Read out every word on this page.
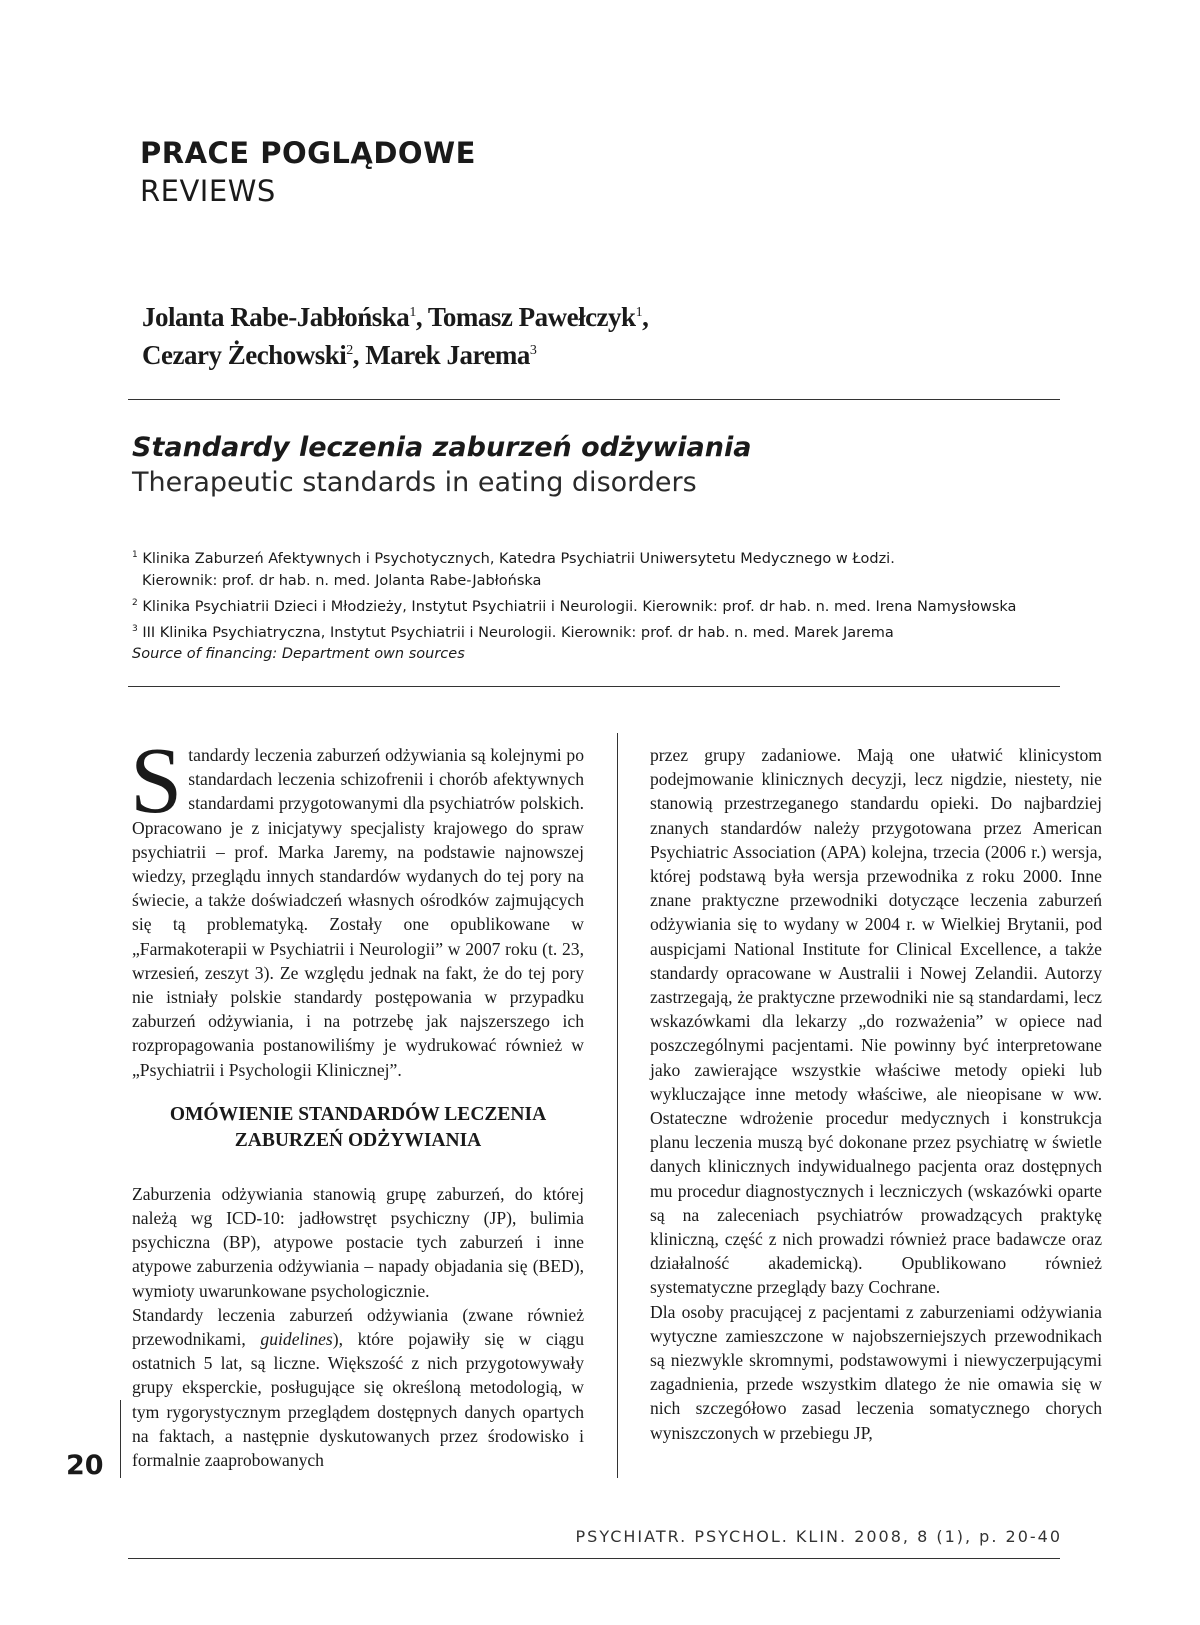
PRACE POGLĄDOWE
REVIEWS
Jolanta Rabe-Jabłońska$^1$, Tomasz Pawełczyk$^1$,
Cezary Żechowski$^2$, Marek Jarema$^3$
Standardy leczenia zaburzeń odżywiania
Therapeutic standards in eating disorders
$^1$ Klinika Zaburzeń Afektywnych i Psychotycznych, Katedra Psychiatrii Uniwersytetu Medycznego w Łodzi.
Kierownik: prof. dr hab. n. med. Jolanta Rabe-Jabłońska
$^2$ Klinika Psychiatrii Dzieci i Młodzieży, Instytut Psychiatrii i Neurologii. Kierownik: prof. dr hab. n. med. Irena Namysłowska
$^3$ III Klinika Psychiatryczna, Instytut Psychiatrii i Neurologii. Kierownik: prof. dr hab. n. med. Marek Jarema
Source of financing: Department own sources

Standardy leczenia zaburzeń odżywiania są kolejnymi po standardach leczenia schizofrenii i chorób afektywnych standardami przygotowanymi dla psychiatrów polskich. Opracowano je z inicjatywy specjalisty krajowego do spraw psychiatrii – prof. Marka Jaremy, na podstawie najnowszej wiedzy, przeglądu innych standardów wydanych do tej pory na świecie, a także doświadczeń własnych ośrodków zajmujących się tą problematyką. Zostały one opublikowane w „Farmakoterapii w Psychiatrii i Neurologii” w 2007 roku (t. 23, wrzesień, zeszyt 3). Ze względu jednak na fakt, że do tej pory nie istniały polskie standardy postępowania w przypadku zaburzeń odżywiania, i na potrzebę jak najszerszego ich rozpropagowania postanowiliśmy je wydrukować również w „Psychiatrii i Psychologii Klinicznej”.

OMÓWIENIE STANDARDÓW LECZENIA ZABURZEŃ ODŻYWIANIA

Zaburzenia odżywiania stanowią grupę zaburzeń, do której należą wg ICD-10: jadłowstręt psychiczny (JP), bulimia psychiczna (BP), atypowe postacie tych zaburzeń i inne atypowe zaburzenia odżywiania – napady objadania się (BED), wymioty uwarunkowane psychologicznie.

Standardy leczenia zaburzeń odżywiania (zwane również przewodnikami, guidelines), które pojawiły się w ciągu ostatnich 5 lat, są liczne. Większość z nich przygotowywały grupy eksperckie, posługujące się określoną metodologią, w tym rygorystycznym przeglądem dostępnych danych opartych na faktach, a następnie dyskutowanych przez środowisko i formalnie zaaprobowanych

przez grupy zadaniowe. Mają one ułatwić klinicystom podejmowanie klinicznych decyzji, lecz nigdzie, niestety, nie stanowią przestrzeganego standardu opieki. Do najbardziej znanych standardów należy przygotowana przez American Psychiatric Association (APA) kolejna, trzecia (2006 r.) wersja, której podstawą była wersja przewodnika z roku 2000. Inne znane praktyczne przewodniki dotyczące leczenia zaburzeń odżywiania się to wydany w 2004 r. w Wielkiej Brytanii, pod auspicjami National Institute for Clinical Excellence, a także standardy opracowane w Australii i Nowej Zelandii. Autorzy zastrzegają, że praktyczne przewodniki nie są standardami, lecz wskazówkami dla lekarzy „do rozważenia” w opiece nad poszczególnymi pacjentami. Nie powinny być interpretowane jako zawierające wszystkie właściwe metody opieki lub wykluczające inne metody właściwe, ale nieopisane w ww. Ostateczne wdrożenie procedur medycznych i konstrukcja planu leczenia muszą być dokonane przez psychiatrę w świetle danych klinicznych indywidualnego pacjenta oraz dostępnych mu procedur diagnostycznych i leczniczych (wskazówki oparte są na zaleceniach psychiatrów prowadzących praktykę kliniczną, część z nich prowadzi również prace badawcze oraz działalność akademicką). Opublikowano również systematyczne przeglądy bazy Cochrane.

Dla osoby pracującej z pacjentami z zaburzeniami odżywiania wytyczne zamieszczone w najobszerniejszych przewodnikach są niezwykle skromnymi, podstawowymi i niewyczerpującymi zagadnienia, przede wszystkim dlatego że nie omawia się w nich szczegółowo zasad leczenia somatycznego chorych wyniszczonych w przebiegu JP,

20
PSYCHIATR. PSYCHOL. KLIN. 2008, 8 (1), p. 20-40
